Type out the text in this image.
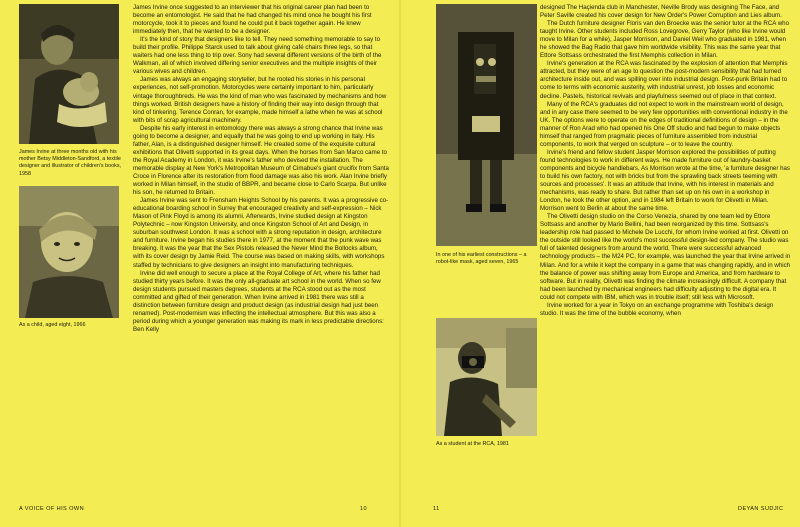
James Irvine at three months old with his mother Betsy Middleton-Sandford, a textile designer and illustrator of children's books, 1958
As a child, aged eight, 1966

James Irvine once suggested to an interviewer that his original career plan had been to become an entomologist. He said that he had changed his mind once he bought his first motorcycle, took it to pieces and found he could put it back together again. He knew immediately then, that he wanted to be a designer.

It's the kind of story that designers like to tell. They need something memorable to say to build their profile. Philippe Starck used to talk about giving café chairs three legs, so that waiters had one less thing to trip over. Sony had several different versions of the birth of the Walkman, all of which involved differing senior executives and the multiple insights of their various wives and children.

James was always an engaging storyteller, but he rooted his stories in his personal experiences, not self-promotion. Motorcycles were certainly important to him, particularly vintage thoroughbreds. He was the kind of man who was fascinated by mechanisms and how things worked. British designers have a history of finding their way into design through that kind of tinkering. Terence Conran, for example, made himself a lathe when he was at school with bits of scrap agricultural machinery.

Despite his early interest in entomology there was always a strong chance that Irvine was going to become a designer, and equally that he was going to end up working in Italy. His father, Alan, is a distinguished designer himself. He created some of the exquisite cultural exhibitions that Olivetti supported in its great days. When the horses from San Marco came to the Royal Academy in London, it was Irvine's father who devised the installation. The memorable display at New York's Metropolitan Museum of Cimabue's giant crucifix from Santa Croce in Florence after its restoration from flood damage was also his work. Alan Irvine briefly worked in Milan himself, in the studio of BBPR, and became close to Carlo Scarpa. But unlike his son, he returned to Britain.

James Irvine was sent to Frensham Heights School by his parents. It was a progressive co-educational boarding school in Surrey that encouraged creativity and self-expression – Nick Mason of Pink Floyd is among its alumni. Afterwards, Irvine studied design at Kingston Polytechnic – now Kingston University, and once Kingston School of Art and Design, in suburban southwest London. It was a school with a strong reputation in design, architecture and furniture. Irvine began his studies there in 1977, at the moment that the punk wave was breaking. It was the year that the Sex Pistols released the Never Mind the Bollocks album, with its cover design by Jamie Reid. The course was based on making skills, with workshops staffed by technicians to give designers an insight into manufacturing techniques.

Irvine did well enough to secure a place at the Royal College of Art, where his father had studied thirty years before. It was the only all-graduate art school in the world. When so few design students pursued masters degrees, students at the RCA stood out as the most committed and gifted of their generation. When Irvine arrived in 1981 there was still a distinction between furniture design and product design (as industrial design had just been renamed). Post-modernism was inflecting the intellectual atmosphere. But this was also a period during which a younger generation was making its mark in less predictable directions: Ben Kelly

A VOICE OF HIS OWN	10
In one of his earliest constructions – a robot-like mask, aged seven, 1965
As a student at the RCA, 1981

designed The Haçienda club in Manchester, Neville Brody was designing The Face, and Peter Saville created his cover design for New Order's Power Corruption and Lies album.

The Dutch furniture designer Floris van den Broecke was the senior tutor at the RCA who taught Irvine. Other students included Ross Lovegrove, Gerry Taylor (who like Irvine would move to Milan for a while), Jasper Morrison, and Daniel Weil who graduated in 1981, when he showed the Bag Radio that gave him worldwide visibility. This was the same year that Ettore Sottsass orchestrated the first Memphis collection in Milan.

Irvine's generation at the RCA was fascinated by the explosion of attention that Memphis attracted, but they were of an age to question the post-modern sensibility that had turned architecture inside out, and was spilling over into industrial design. Post-punk Britain had to come to terms with economic austerity, with industrial unrest, job losses and economic decline. Pastels, historical revivals and playfulness seemed out of place in that context.

Many of the RCA's graduates did not expect to work in the mainstream world of design, and in any case there seemed to be very few opportunities with conventional industry in the UK. The options were to operate on the edges of traditional definitions of design – in the manner of Ron Arad who had opened his One Off studio and had begun to make objects himself that ranged from pragmatic pieces of furniture assembled from industrial components, to work that verged on sculpture – or to leave the country.

Irvine's friend and fellow student Jasper Morrison explored the possibilities of putting found technologies to work in different ways. He made furniture out of laundry-basket components and bicycle handlebars. As Morrison wrote at the time, 'a furniture designer has to build his own factory, not with bricks but from the sprawling back streets teeming with sources and processes'. It was an attitude that Irvine, with his interest in materials and mechanisms, was ready to share. But rather than set up on his own in a workshop in London, he took the other option, and in 1984 left Britain to work for Olivetti in Milan. Morrison went to Berlin at about the same time.

The Olivetti design studio on the Corso Venezia, shared by one team led by Ettore Sottsass and another by Mario Bellini, had been reorganized by this time. Sottsass's leadership role had passed to Michele De Lucchi, for whom Irvine worked at first. Olivetti on the outside still looked like the world's most successful design-led company. The studio was full of talented designers from around the world. There were successful advanced technology products – the M24 PC, for example, was launched the year that Irvine arrived in Milan. And for a while it kept the company in a game that was changing rapidly, and in which the balance of power was shifting away from Europe and America, and from hardware to software. But in reality, Olivetti was finding the climate increasingly difficult. A company that had been launched by mechanical engineers had difficulty adjusting to the digital era. It could not compete with IBM, which was in trouble itself; still less with Microsoft.

Irvine worked for a year in Tokyo on an exchange programme with Toshiba's design studio. It was the time of the bubble economy, when

11	DEYAN SUDJIC
